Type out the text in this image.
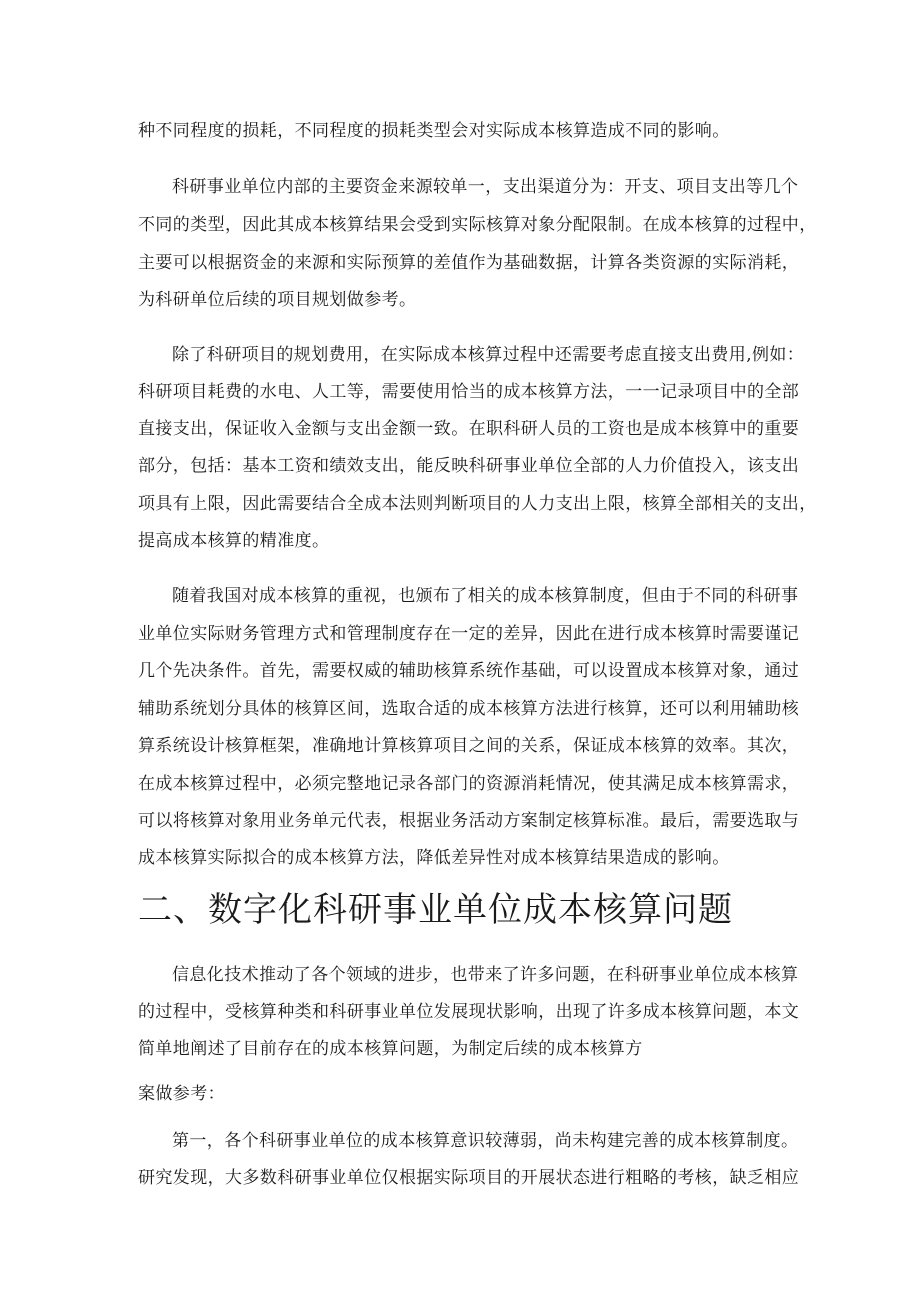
种不同程度的损耗，不同程度的损耗类型会对实际成本核算造成不同的影响。

科研事业单位内部的主要资金来源较单一，支出渠道分为：开支、项目支出等几个

不同的类型，因此其成本核算结果会受到实际核算对象分配限制。在成本核算的过程中，

主要可以根据资金的来源和实际预算的差值作为基础数据，计算各类资源的实际消耗，

为科研单位后续的项目规划做参考。

除了科研项目的规划费用，在实际成本核算过程中还需要考虑直接支出费用,例如：

科研项目耗费的水电、人工等，需要使用恰当的成本核算方法，一一记录项目中的全部

直接支出，保证收入金额与支出金额一致。在职科研人员的工资也是成本核算中的重要

部分，包括：基本工资和绩效支出，能反映科研事业单位全部的人力价值投入，该支出

项具有上限，因此需要结合全成本法则判断项目的人力支出上限，核算全部相关的支出，

提高成本核算的精准度。

随着我国对成本核算的重视，也颁布了相关的成本核算制度，但由于不同的科研事

业单位实际财务管理方式和管理制度存在一定的差异，因此在进行成本核算时需要谨记

几个先决条件。首先，需要权威的辅助核算系统作基础，可以设置成本核算对象，通过

辅助系统划分具体的核算区间，选取合适的成本核算方法进行核算，还可以利用辅助核

算系统设计核算框架，准确地计算核算项目之间的关系，保证成本核算的效率。其次，

在成本核算过程中，必须完整地记录各部门的资源消耗情况，使其满足成本核算需求，

可以将核算对象用业务单元代表，根据业务活动方案制定核算标准。最后，需要选取与

成本核算实际拟合的成本核算方法，降低差异性对成本核算结果造成的影响。

二、数字化科研事业单位成本核算问题

信息化技术推动了各个领域的进步，也带来了许多问题，在科研事业单位成本核算

的过程中，受核算种类和科研事业单位发展现状影响，出现了许多成本核算问题，本文

简单地阐述了目前存在的成本核算问题，为制定后续的成本核算方

案做参考：

第一，各个科研事业单位的成本核算意识较薄弱，尚未构建完善的成本核算制度。

研究发现，大多数科研事业单位仅根据实际项目的开展状态进行粗略的考核，缺乏相应
